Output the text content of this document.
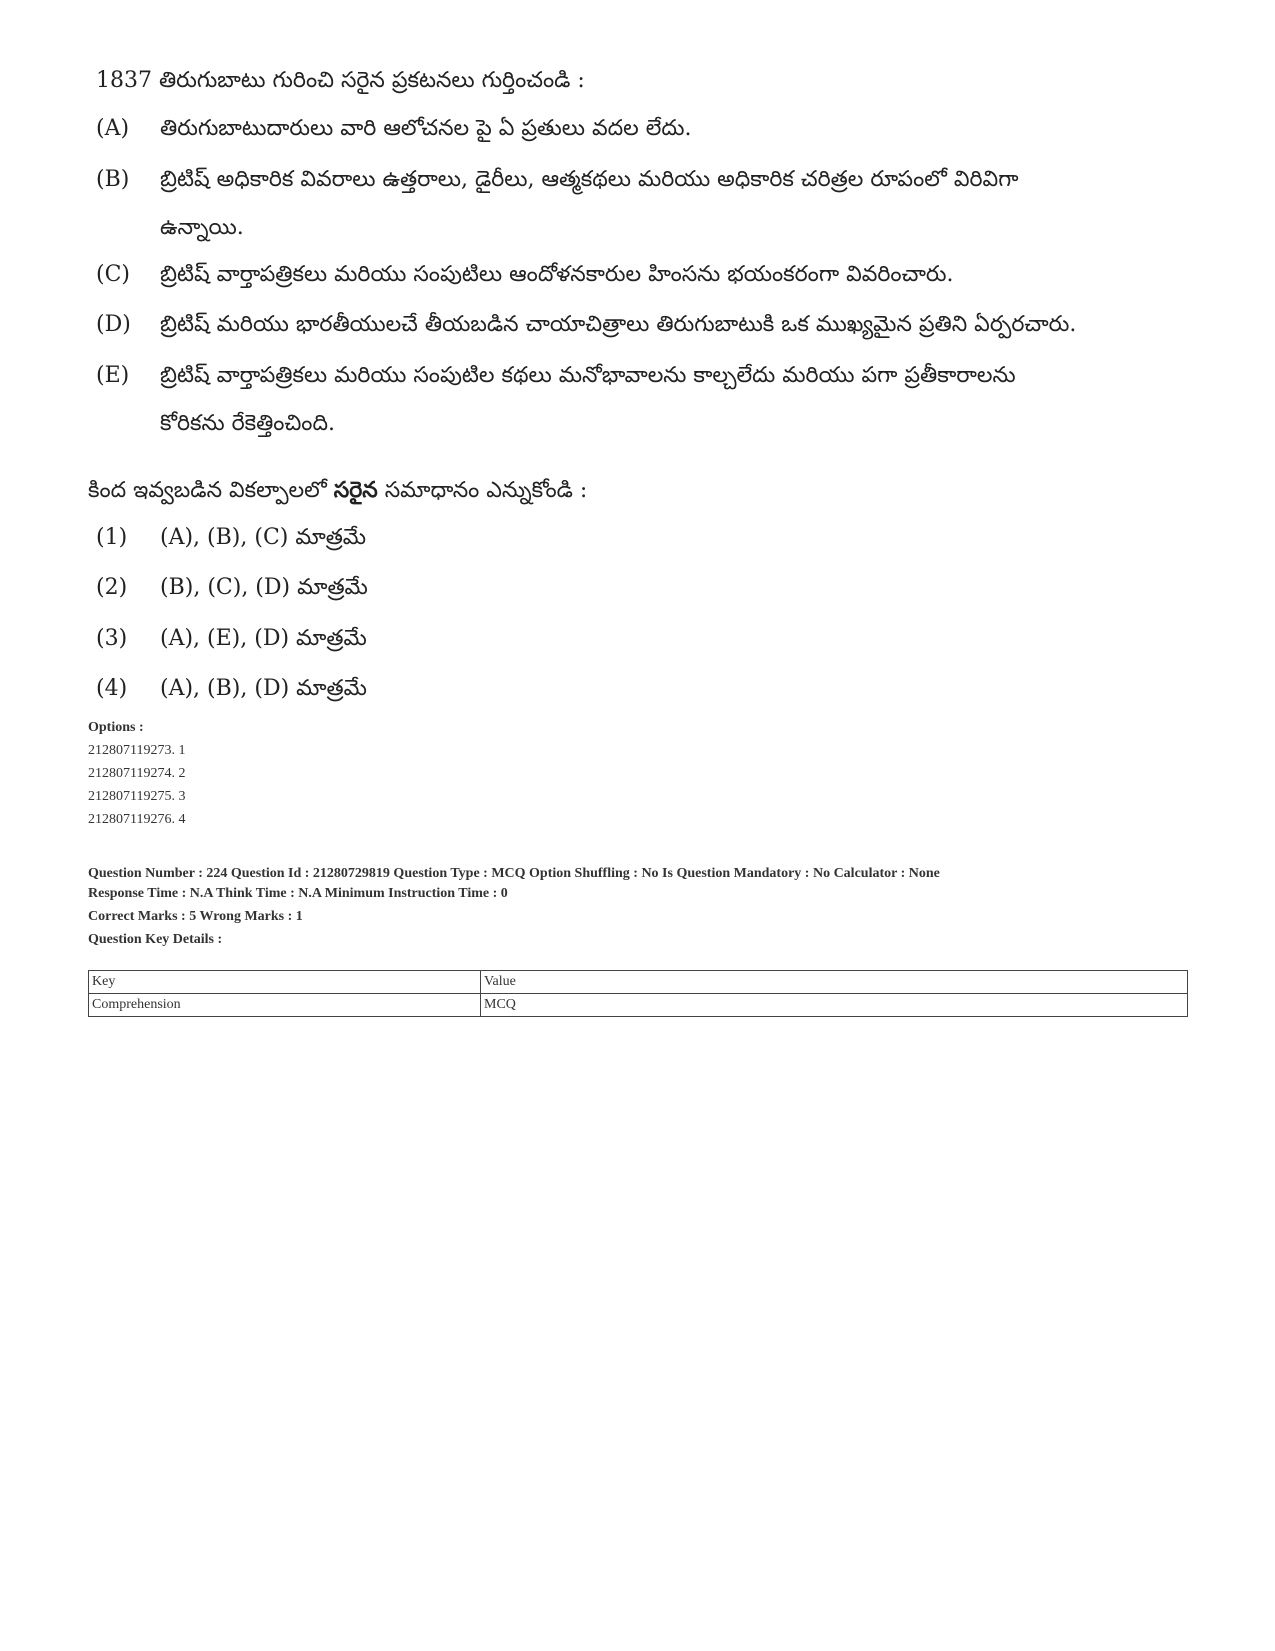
1837 తిరుగుబాటు గురించి సరైన ప్రకటనలు గుర్తించండి :
(A)	తిరుగుబాటుదారులు వారి ఆలోచనల పై ఏ ప్రతులు వదల లేదు.
(B)	బ్రిటిష్ అధికారిక వివరాలు ఉత్తరాలు, డైరీలు, ఆత్మకథలు మరియు అధికారిక చరిత్రల రూపంలో విరివిగా
ఉన్నాయి.
(C)	బ్రిటిష్ వార్తాపత్రికలు మరియు సంపుటిలు ఆందోళనకారుల హింసను భయంకరంగా వివరించారు.
(D)	బ్రిటిష్ మరియు భారతీయులచే తీయబడిన చాయాచిత్రాలు తిరుగుబాటుకి ఒక ముఖ్యమైన ప్రతిని ఏర్పరచారు.
(E)	బ్రిటిష్ వార్తాపత్రికలు మరియు సంపుటిల కథలు మనోభావాలను కాల్చలేదు మరియు పగా ప్రతీకారాలను
కోరికను రేకెత్తించింది.
కింద ఇవ్వబడిన వికల్పాలలో సరైన సమాధానం ఎన్నుకోండి :
(1) (A), (B), (C) మాత్రమే
(2) (B), (C), (D) మాత్రమే
(3) (A), (E), (D) మాత్రమే
(4) (A), (B), (D) మాత్రమే
Options :
212807119273. 1
212807119274. 2
212807119275. 3
212807119276. 4
Question Number : 224 Question Id : 21280729819 Question Type : MCQ Option Shuffling : No Is Question Mandatory : No Calculator : None
Response Time : N.A Think Time : N.A Minimum Instruction Time : 0
Correct Marks : 5 Wrong Marks : 1
Question Key Details :
Key	Value
Comprehension	MCQ
